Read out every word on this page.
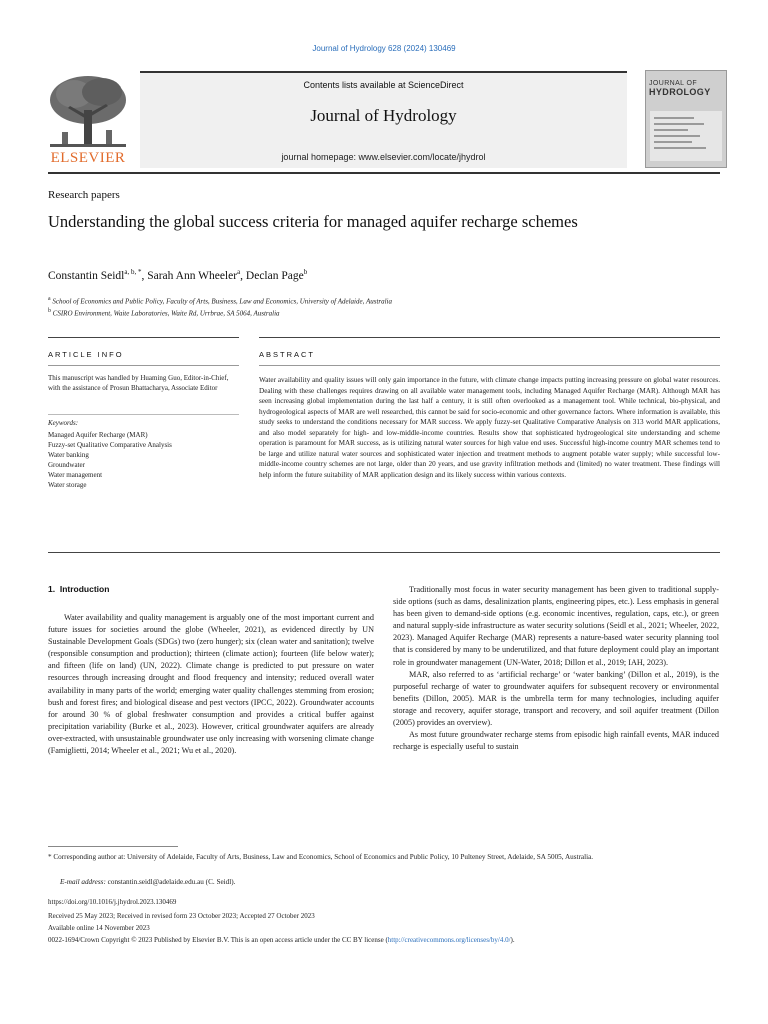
Journal of Hydrology 628 (2024) 130469
Contents lists available at ScienceDirect
Journal of Hydrology
journal homepage: www.elsevier.com/locate/jhydrol
ELSEVIER
JOURNAL OF
HYDROLOGY
Research papers
Understanding the global success criteria for managed aquifer recharge schemes
Constantin Seidl$^{a, b, *}$, Sarah Ann Wheeler$^a$, Declan Page$^b$
$^a$ School of Economics and Public Policy, Faculty of Arts, Business, Law and Economics, University of Adelaide, Australia
$^b$ CSIRO Environment, Waite Laboratories, Waite Rd, Urrbrae, SA 5064, Australia
ARTICLE INFO	ABSTRACT
This manuscript was handled by Huaming Guo, Editor-in-Chief, with the assistance of Prosun Bhattacharya, Associate Editor
Keywords:
Managed Aquifer Recharge (MAR)
Fuzzy-set Qualitative Comparative Analysis
Water banking
Groundwater
Water management
Water storage
Water availability and quality issues will only gain importance in the future, with climate change impacts putting increasing pressure on global water resources. Dealing with these challenges requires drawing on all available water management tools, including Managed Aquifer Recharge (MAR). Although MAR has seen increasing global implementation during the last half a century, it is still often overlooked as a management tool. While technical, bio-physical, and hydrogeological aspects of MAR are well researched, this cannot be said for socio-economic and other governance factors. Where information is available, this study seeks to understand the conditions necessary for MAR success. We apply fuzzy-set Qualitative Comparative Analysis on 313 world MAR applications, and also model separately for high- and low-middle-income countries. Results show that sophisticated hydrogeological site understanding and scheme operation is paramount for MAR success, as is utilizing natural water sources for high value end uses. Successful high-income country MAR schemes tend to be large and utilize natural water sources and sophisticated water injection and treatment methods to augment potable water supply; while successful low-middle-income country schemes are not large, older than 20 years, and use gravity infiltration methods and (limited) no water treatment. These findings will help inform the future suitability of MAR application design and its likely success within various contexts.
1. Introduction
Water availability and quality management is arguably one of the most important current and future issues for societies around the globe (Wheeler, 2021), as evidenced directly by UN Sustainable Development Goals (SDGs) two (zero hunger); six (clean water and sanitation); twelve (responsible consumption and production); thirteen (climate action); fourteen (life below water); and fifteen (life on land) (UN, 2022). Climate change is predicted to put pressure on water resources through increasing drought and flood frequency and intensity; reduced overall water availability in many parts of the world; emerging water quality challenges stemming from erosion; bush and forest fires; and biological disease and pest vectors (IPCC, 2022). Groundwater accounts for around 30 % of global freshwater consumption and provides a critical buffer against precipitation variability (Burke et al., 2023). However, critical groundwater aquifers are already over-extracted, with unsustainable groundwater use only increasing with worsening climate change (Famiglietti, 2014; Wheeler et al., 2021; Wu et al., 2020).

Traditionally most focus in water security management has been given to traditional supply-side options (such as dams, desalinization plants, engineering pipes, etc.). Less emphasis in general has been given to demand-side options (e.g. economic incentives, regulation, caps, etc.), or green and natural supply-side infrastructure as water security solutions (Seidl et al., 2021; Wheeler, 2022, 2023). Managed Aquifer Recharge (MAR) represents a nature-based water security planning tool that is considered by many to be underutilized, and that future deployment could play an important role in groundwater management (UN-Water, 2018; Dillon et al., 2019; IAH, 2023).

MAR, also referred to as ‘artificial recharge’ or ‘water banking’ (Dillon et al., 2019), is the purposeful recharge of water to groundwater aquifers for subsequent recovery or environmental benefits (Dillon, 2005). MAR is the umbrella term for many technologies, including aquifer storage and recovery, aquifer storage, transport and recovery, and soil aquifer treatment (Dillon (2005) provides an overview).

As most future groundwater recharge stems from episodic high rainfall events, MAR induced recharge is especially useful to sustain

* Corresponding author at: University of Adelaide, Faculty of Arts, Business, Law and Economics, School of Economics and Public Policy, 10 Pulteney Street, Adelaide, SA 5005, Australia.
E-mail address: constantin.seidl@adelaide.edu.au (C. Seidl).
https://doi.org/10.1016/j.jhydrol.2023.130469
Received 25 May 2023; Received in revised form 23 October 2023; Accepted 27 October 2023
Available online 14 November 2023
0022-1694/Crown Copyright © 2023 Published by Elsevier B.V. This is an open access article under the CC BY license (http://creativecommons.org/licenses/by/4.0/).
